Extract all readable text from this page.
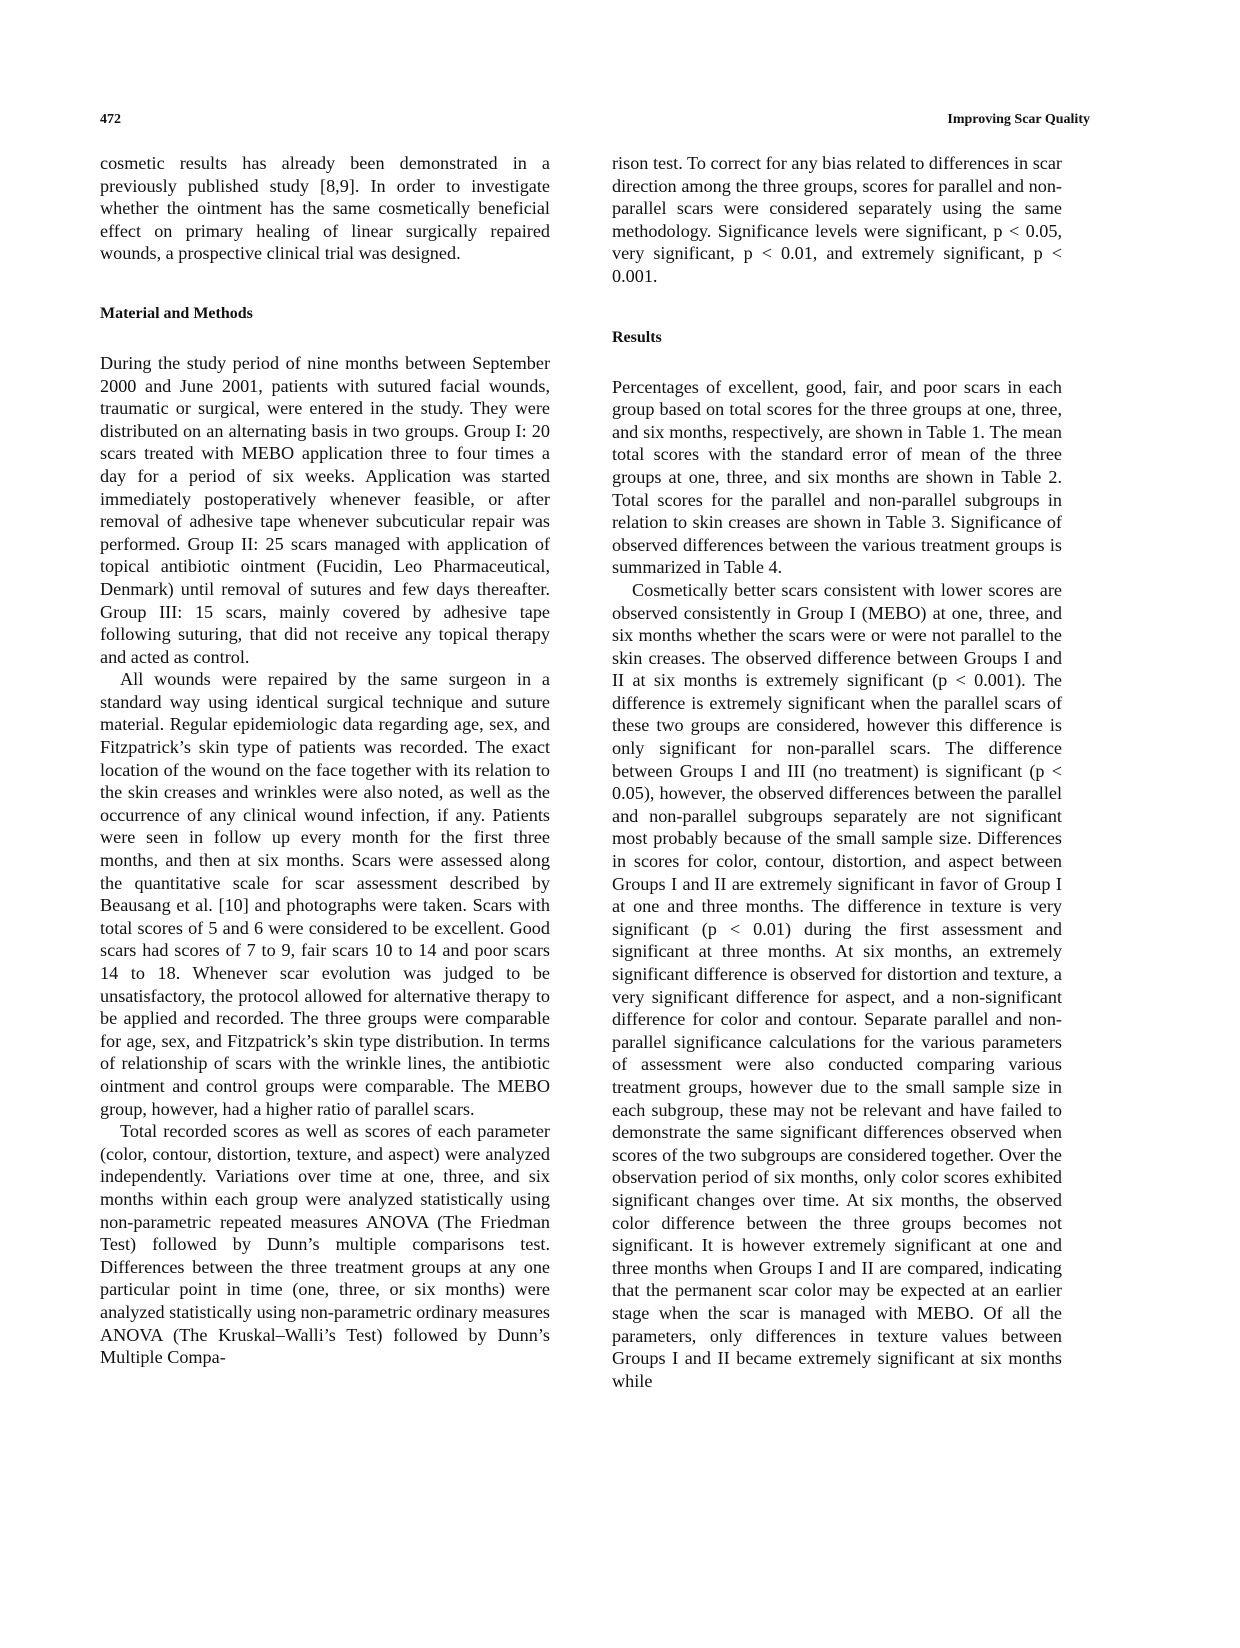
472	Improving Scar Quality

cosmetic results has already been demonstrated in a previously published study [8,9]. In order to investigate whether the ointment has the same cosmetically beneficial effect on primary healing of linear surgically repaired wounds, a prospective clinical trial was designed.

Material and Methods

During the study period of nine months between September 2000 and June 2001, patients with sutured facial wounds, traumatic or surgical, were entered in the study. They were distributed on an alternating basis in two groups. Group I: 20 scars treated with MEBO application three to four times a day for a period of six weeks. Application was started immediately postoperatively whenever feasible, or after removal of adhesive tape whenever subcuticular repair was performed. Group II: 25 scars managed with application of topical antibiotic ointment (Fucidin, Leo Pharmaceutical, Denmark) until removal of sutures and few days thereafter. Group III: 15 scars, mainly covered by adhesive tape following suturing, that did not receive any topical therapy and acted as control.

All wounds were repaired by the same surgeon in a standard way using identical surgical technique and suture material. Regular epidemiologic data regarding age, sex, and Fitzpatrick’s skin type of patients was recorded. The exact location of the wound on the face together with its relation to the skin creases and wrinkles were also noted, as well as the occurrence of any clinical wound infection, if any. Patients were seen in follow up every month for the first three months, and then at six months. Scars were assessed along the quantitative scale for scar assessment described by Beausang et al. [10] and photographs were taken. Scars with total scores of 5 and 6 were considered to be excellent. Good scars had scores of 7 to 9, fair scars 10 to 14 and poor scars 14 to 18. Whenever scar evolution was judged to be unsatisfactory, the protocol allowed for alternative therapy to be applied and recorded. The three groups were comparable for age, sex, and Fitzpatrick’s skin type distribution. In terms of relationship of scars with the wrinkle lines, the antibiotic ointment and control groups were comparable. The MEBO group, however, had a higher ratio of parallel scars.

Total recorded scores as well as scores of each parameter (color, contour, distortion, texture, and aspect) were analyzed independently. Variations over time at one, three, and six months within each group were analyzed statistically using non-parametric repeated measures ANOVA (The Friedman Test) followed by Dunn’s multiple comparisons test. Differences between the three treatment groups at any one particular point in time (one, three, or six months) were analyzed statistically using non-parametric ordinary measures ANOVA (The Kruskal–Walli’s Test) followed by Dunn’s Multiple Compa-

rison test. To correct for any bias related to differences in scar direction among the three groups, scores for parallel and non-parallel scars were considered separately using the same methodology. Significance levels were significant, p < 0.05, very significant, p < 0.01, and extremely significant, p < 0.001.

Results

Percentages of excellent, good, fair, and poor scars in each group based on total scores for the three groups at one, three, and six months, respectively, are shown in Table 1. The mean total scores with the standard error of mean of the three groups at one, three, and six months are shown in Table 2. Total scores for the parallel and non-parallel subgroups in relation to skin creases are shown in Table 3. Significance of observed differences between the various treatment groups is summarized in Table 4.

Cosmetically better scars consistent with lower scores are observed consistently in Group I (MEBO) at one, three, and six months whether the scars were or were not parallel to the skin creases. The observed difference between Groups I and II at six months is extremely significant (p < 0.001). The difference is extremely significant when the parallel scars of these two groups are considered, however this difference is only significant for non-parallel scars. The difference between Groups I and III (no treatment) is significant (p < 0.05), however, the observed differences between the parallel and non-parallel subgroups separately are not significant most probably because of the small sample size. Differences in scores for color, contour, distortion, and aspect between Groups I and II are extremely significant in favor of Group I at one and three months. The difference in texture is very significant (p < 0.01) during the first assessment and significant at three months. At six months, an extremely significant difference is observed for distortion and texture, a very significant difference for aspect, and a non-significant difference for color and contour. Separate parallel and non-parallel significance calculations for the various parameters of assessment were also conducted comparing various treatment groups, however due to the small sample size in each subgroup, these may not be relevant and have failed to demonstrate the same significant differences observed when scores of the two subgroups are considered together. Over the observation period of six months, only color scores exhibited significant changes over time. At six months, the observed color difference between the three groups becomes not significant. It is however extremely significant at one and three months when Groups I and II are compared, indicating that the permanent scar color may be expected at an earlier stage when the scar is managed with MEBO. Of all the parameters, only differences in texture values between Groups I and II became extremely significant at six months while
